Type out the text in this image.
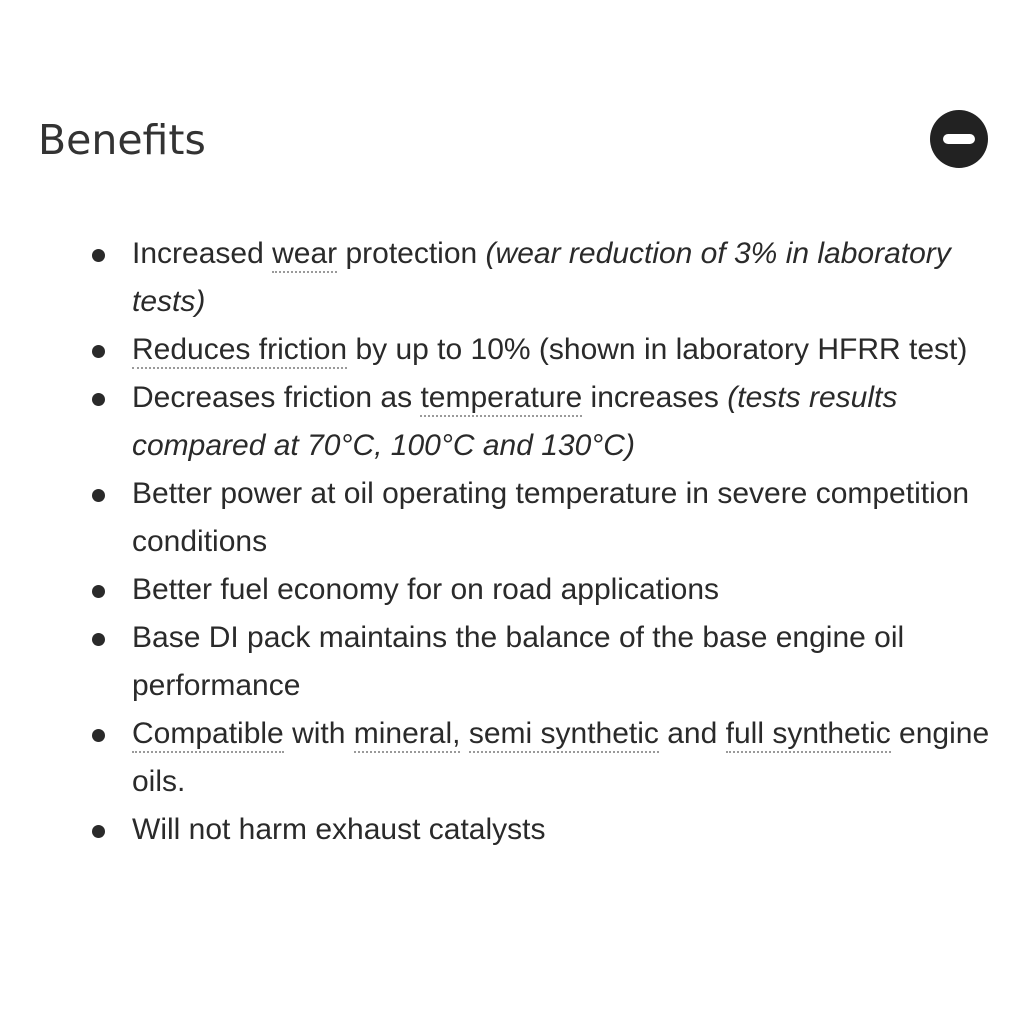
Benefits
Increased wear protection (wear reduction of 3% in laboratory tests)
Reduces friction by up to 10% (shown in laboratory HFRR test)
Decreases friction as temperature increases (tests results compared at 70°C, 100°C and 130°C)
Better power at oil operating temperature in severe competition conditions
Better fuel economy for on road applications
Base DI pack maintains the balance of the base engine oil performance
Compatible with mineral, semi synthetic and full synthetic engine oils.
Will not harm exhaust catalysts
